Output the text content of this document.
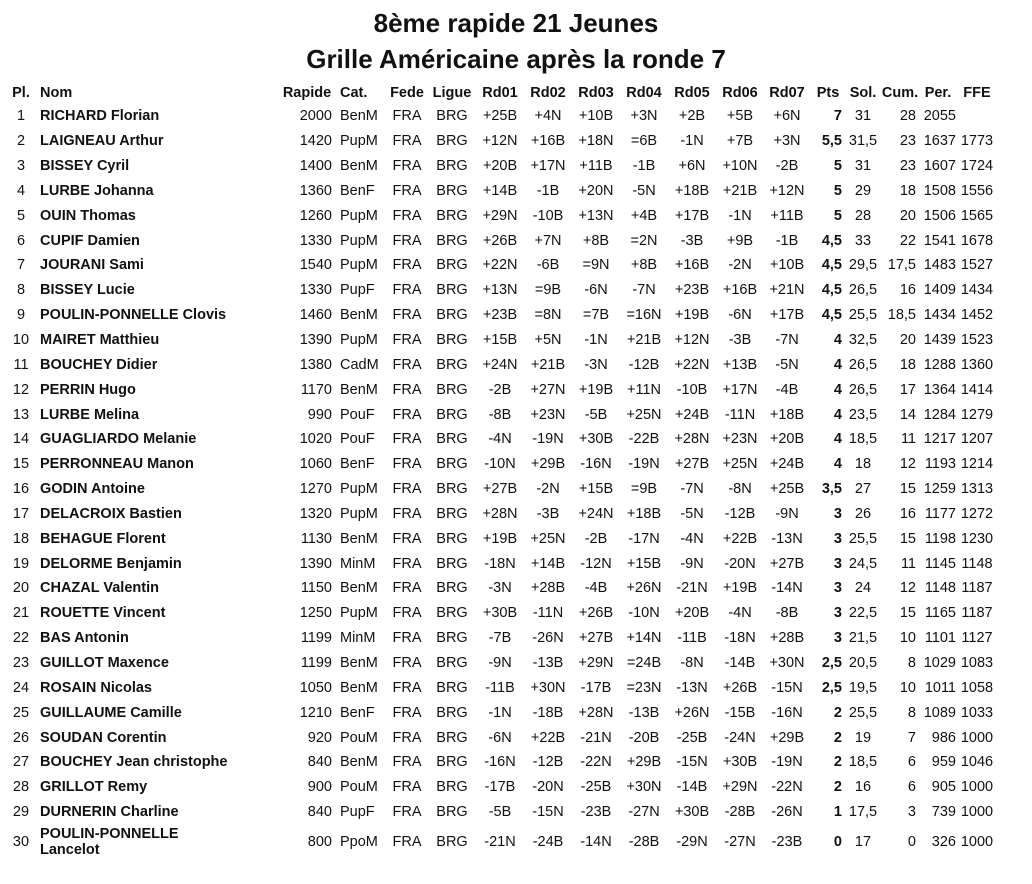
8ème rapide 21 Jeunes
Grille Américaine après la ronde 7
Pl.	Nom	Rapide	Cat.	Fede	Ligue	Rd01	Rd02	Rd03	Rd04	Rd05	Rd06	Rd07	Pts	Sol.	Cum.	Per.	FFE
1	RICHARD Florian	2000	BenM	FRA	BRG	+25B	+4N	+10B	+3N	+2B	+5B	+6N	7	31	28	2055	
2	LAIGNEAU Arthur	1420	PupM	FRA	BRG	+12N	+16B	+18N	=6B	-1N	+7B	+3N	5,5	31,5	23	1637	1773
3	BISSEY Cyril	1400	BenM	FRA	BRG	+20B	+17N	+11B	-1B	+6N	+10N	-2B	5	31	23	1607	1724
4	LURBE Johanna	1360	BenF	FRA	BRG	+14B	-1B	+20N	-5N	+18B	+21B	+12N	5	29	18	1508	1556
5	OUIN Thomas	1260	PupM	FRA	BRG	+29N	-10B	+13N	+4B	+17B	-1N	+11B	5	28	20	1506	1565
6	CUPIF Damien	1330	PupM	FRA	BRG	+26B	+7N	+8B	=2N	-3B	+9B	-1B	4,5	33	22	1541	1678
7	JOURANI Sami	1540	PupM	FRA	BRG	+22N	-6B	=9N	+8B	+16B	-2N	+10B	4,5	29,5	17,5	1483	1527
8	BISSEY Lucie	1330	PupF	FRA	BRG	+13N	=9B	-6N	-7N	+23B	+16B	+21N	4,5	26,5	16	1409	1434
9	POULIN-PONNELLE Clovis	1460	BenM	FRA	BRG	+23B	=8N	=7B	=16N	+19B	-6N	+17B	4,5	25,5	18,5	1434	1452
10	MAIRET Matthieu	1390	PupM	FRA	BRG	+15B	+5N	-1N	+21B	+12N	-3B	-7N	4	32,5	20	1439	1523
11	BOUCHEY Didier	1380	CadM	FRA	BRG	+24N	+21B	-3N	-12B	+22N	+13B	-5N	4	26,5	18	1288	1360
12	PERRIN Hugo	1170	BenM	FRA	BRG	-2B	+27N	+19B	+11N	-10B	+17N	-4B	4	26,5	17	1364	1414
13	LURBE Melina	990	PouF	FRA	BRG	-8B	+23N	-5B	+25N	+24B	-11N	+18B	4	23,5	14	1284	1279
14	GUAGLIARDO Melanie	1020	PouF	FRA	BRG	-4N	-19N	+30B	-22B	+28N	+23N	+20B	4	18,5	11	1217	1207
15	PERRONNEAU Manon	1060	BenF	FRA	BRG	-10N	+29B	-16N	-19N	+27B	+25N	+24B	4	18	12	1193	1214
16	GODIN Antoine	1270	PupM	FRA	BRG	+27B	-2N	+15B	=9B	-7N	-8N	+25B	3,5	27	15	1259	1313
17	DELACROIX Bastien	1320	PupM	FRA	BRG	+28N	-3B	+24N	+18B	-5N	-12B	-9N	3	26	16	1177	1272
18	BEHAGUE Florent	1130	BenM	FRA	BRG	+19B	+25N	-2B	-17N	-4N	+22B	-13N	3	25,5	15	1198	1230
19	DELORME Benjamin	1390	MinM	FRA	BRG	-18N	+14B	-12N	+15B	-9N	-20N	+27B	3	24,5	11	1145	1148
20	CHAZAL Valentin	1150	BenM	FRA	BRG	-3N	+28B	-4B	+26N	-21N	+19B	-14N	3	24	12	1148	1187
21	ROUETTE Vincent	1250	PupM	FRA	BRG	+30B	-11N	+26B	-10N	+20B	-4N	-8B	3	22,5	15	1165	1187
22	BAS Antonin	1199	MinM	FRA	BRG	-7B	-26N	+27B	+14N	-11B	-18N	+28B	3	21,5	10	1101	1127
23	GUILLOT Maxence	1199	BenM	FRA	BRG	-9N	-13B	+29N	=24B	-8N	-14B	+30N	2,5	20,5	8	1029	1083
24	ROSAIN Nicolas	1050	BenM	FRA	BRG	-11B	+30N	-17B	=23N	-13N	+26B	-15N	2,5	19,5	10	1011	1058
25	GUILLAUME Camille	1210	BenF	FRA	BRG	-1N	-18B	+28N	-13B	+26N	-15B	-16N	2	25,5	8	1089	1033
26	SOUDAN Corentin	920	PouM	FRA	BRG	-6N	+22B	-21N	-20B	-25B	-24N	+29B	2	19	7	986	1000
27	BOUCHEY Jean christophe	840	BenM	FRA	BRG	-16N	-12B	-22N	+29B	-15N	+30B	-19N	2	18,5	6	959	1046
28	GRILLOT Remy	900	PouM	FRA	BRG	-17B	-20N	-25B	+30N	-14B	+29N	-22N	2	16	6	905	1000
29	DURNERIN Charline	840	PupF	FRA	BRG	-5B	-15N	-23B	-27N	+30B	-28B	-26N	1	17,5	3	739	1000
30	POULIN-PONNELLE
Lancelot	800	PpoM	FRA	BRG	-21N	-24B	-14N	-28B	-29N	-27N	-23B	0	17	0	326	1000
